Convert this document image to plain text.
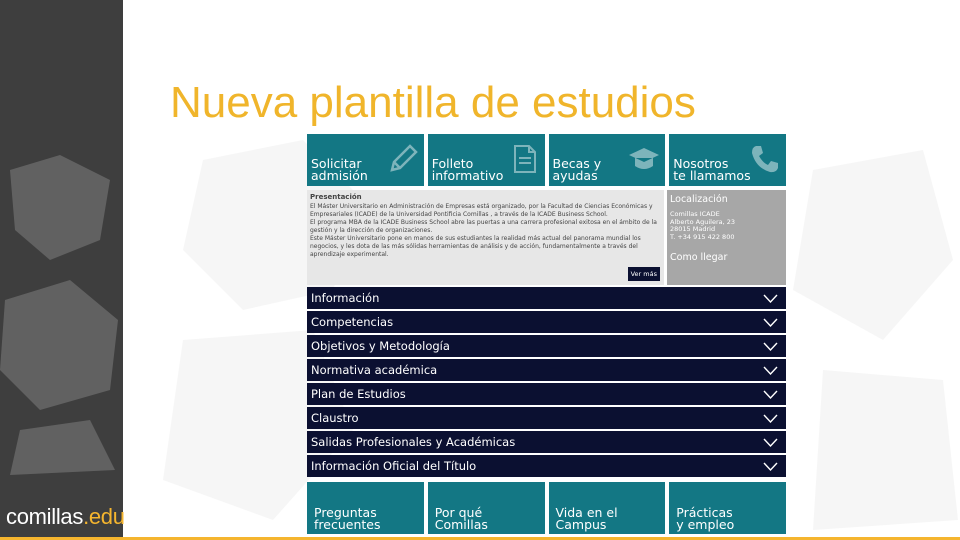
comillas.edu
Nueva plantilla de estudios
Solicitar
admisión
Folleto
informativo
Becas y
ayudas
Nosotros
te llamamos
Presentación

El Máster Universitario en Administración de Empresas está organizado, por la Facultad de Ciencias Económicas y Empresariales (ICADE) de la Universidad Pontificia Comillas , a través de la ICADE Business School.

El programa MBA de la ICADE Business School abre las puertas a una carrera profesional exitosa en el ámbito de la gestión y la dirección de organizaciones.

Este Máster Universitario pone en manos de sus estudiantes la realidad más actual del panorama mundial los negocios, y les dota de las más sólidas herramientas de análisis y de acción, fundamentalmente a través del aprendizaje experimental.

Ver más
Localización
Comillas ICADE
Alberto Aguilera, 23
28015 Madrid
T. +34 915 422 800
Como llegar
Información
Competencias
Objetivos y Metodología
Normativa académica
Plan de Estudios
Claustro
Salidas Profesionales y Académicas
Información Oficial del Título
Preguntas
frecuentes
Por qué
Comillas
Vida en el
Campus
Prácticas
y empleo
